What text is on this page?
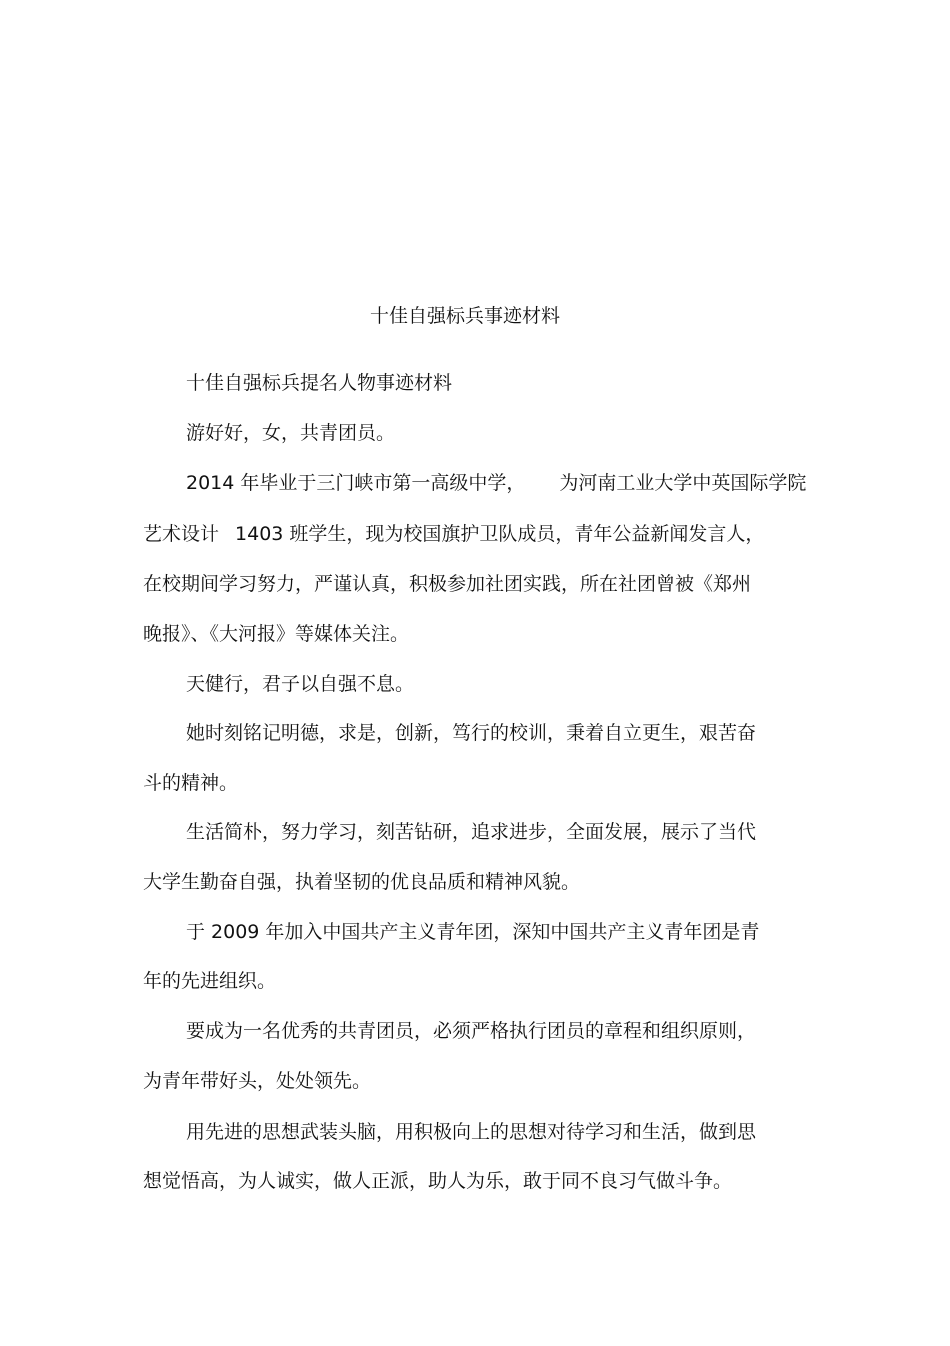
十佳自强标兵事迹材料
十佳自强标兵提名人物事迹材料
游好好，女，共青团员。
2014 年毕业于三门峡市第一高级中学， 为河南工业大学中英国际学院
艺术设计 1403 班学生，现为校国旗护卫队成员，青年公益新闻发言人，
在校期间学习努力，严谨认真，积极参加社团实践，所在社团曾被《郑州
晚报》、《大河报》等媒体关注。
天健行，君子以自强不息。
她时刻铭记明德，求是，创新，笃行的校训，秉着自立更生，艰苦奋
斗的精神。
生活简朴，努力学习，刻苦钻研，追求进步，全面发展，展示了当代
大学生勤奋自强，执着坚韧的优良品质和精神风貌。
于 2009 年加入中国共产主义青年团，深知中国共产主义青年团是青
年的先进组织。
要成为一名优秀的共青团员，必须严格执行团员的章程和组织原则，
为青年带好头，处处领先。
用先进的思想武装头脑，用积极向上的思想对待学习和生活，做到思
想觉悟高，为人诚实，做人正派，助人为乐，敢于同不良习气做斗争。
